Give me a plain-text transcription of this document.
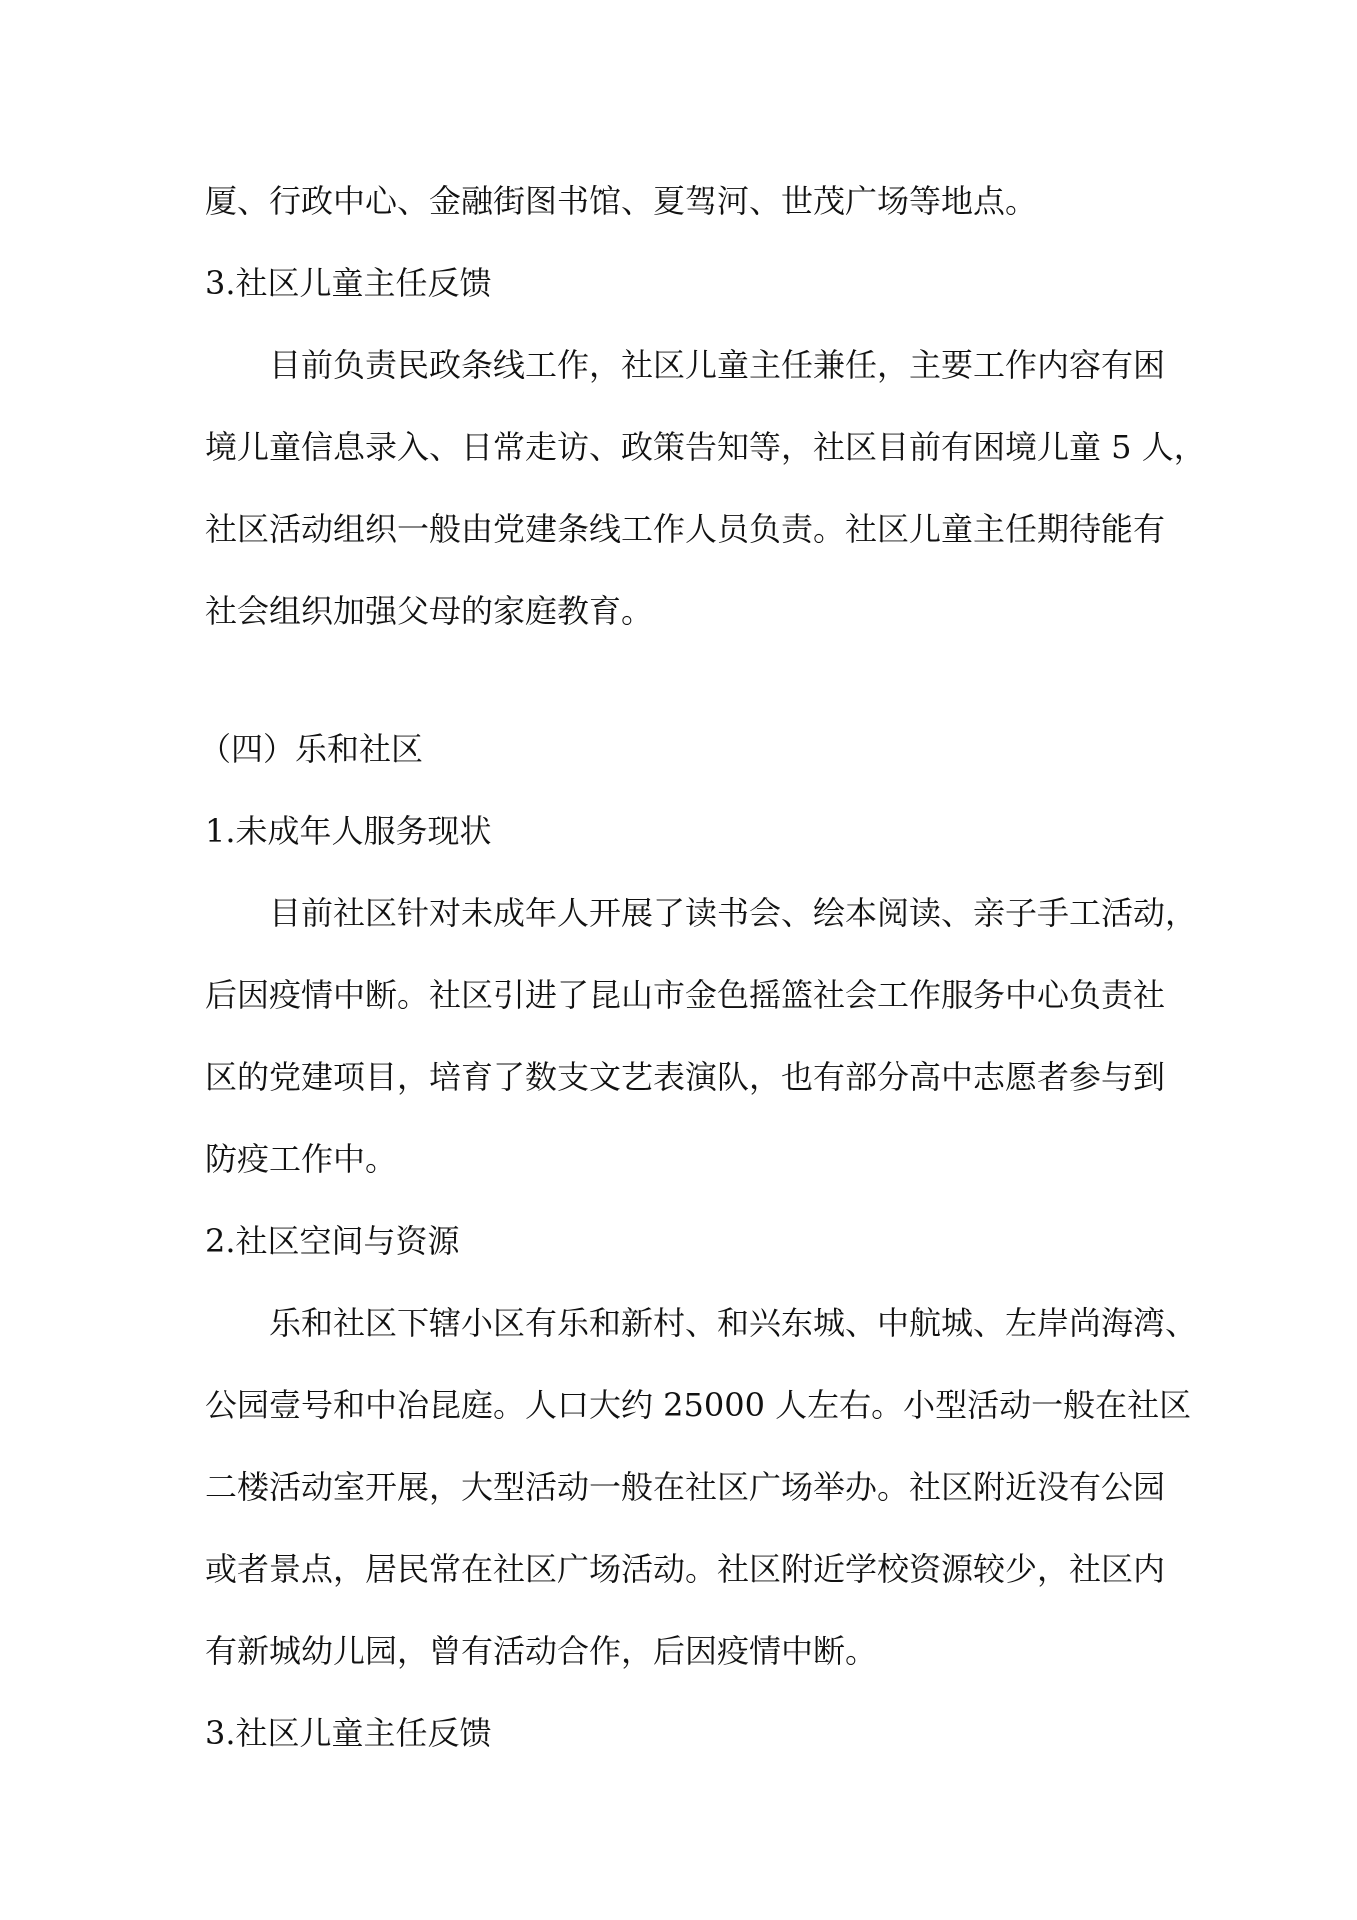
厦、行政中心、金融街图书馆、夏驾河、世茂广场等地点。
3.社区儿童主任反馈
目前负责民政条线工作，社区儿童主任兼任，主要工作内容有困
境儿童信息录入、日常走访、政策告知等，社区目前有困境儿童 5 人，
社区活动组织一般由党建条线工作人员负责。社区儿童主任期待能有
社会组织加强父母的家庭教育。
（四）乐和社区
1.未成年人服务现状
目前社区针对未成年人开展了读书会、绘本阅读、亲子手工活动，
后因疫情中断。社区引进了昆山市金色摇篮社会工作服务中心负责社
区的党建项目，培育了数支文艺表演队，也有部分高中志愿者参与到
防疫工作中。
2.社区空间与资源
乐和社区下辖小区有乐和新村、和兴东城、中航城、左岸尚海湾、
公园壹号和中冶昆庭。人口大约 25000 人左右。小型活动一般在社区
二楼活动室开展，大型活动一般在社区广场举办。社区附近没有公园
或者景点，居民常在社区广场活动。社区附近学校资源较少，社区内
有新城幼儿园，曾有活动合作，后因疫情中断。
3.社区儿童主任反馈
